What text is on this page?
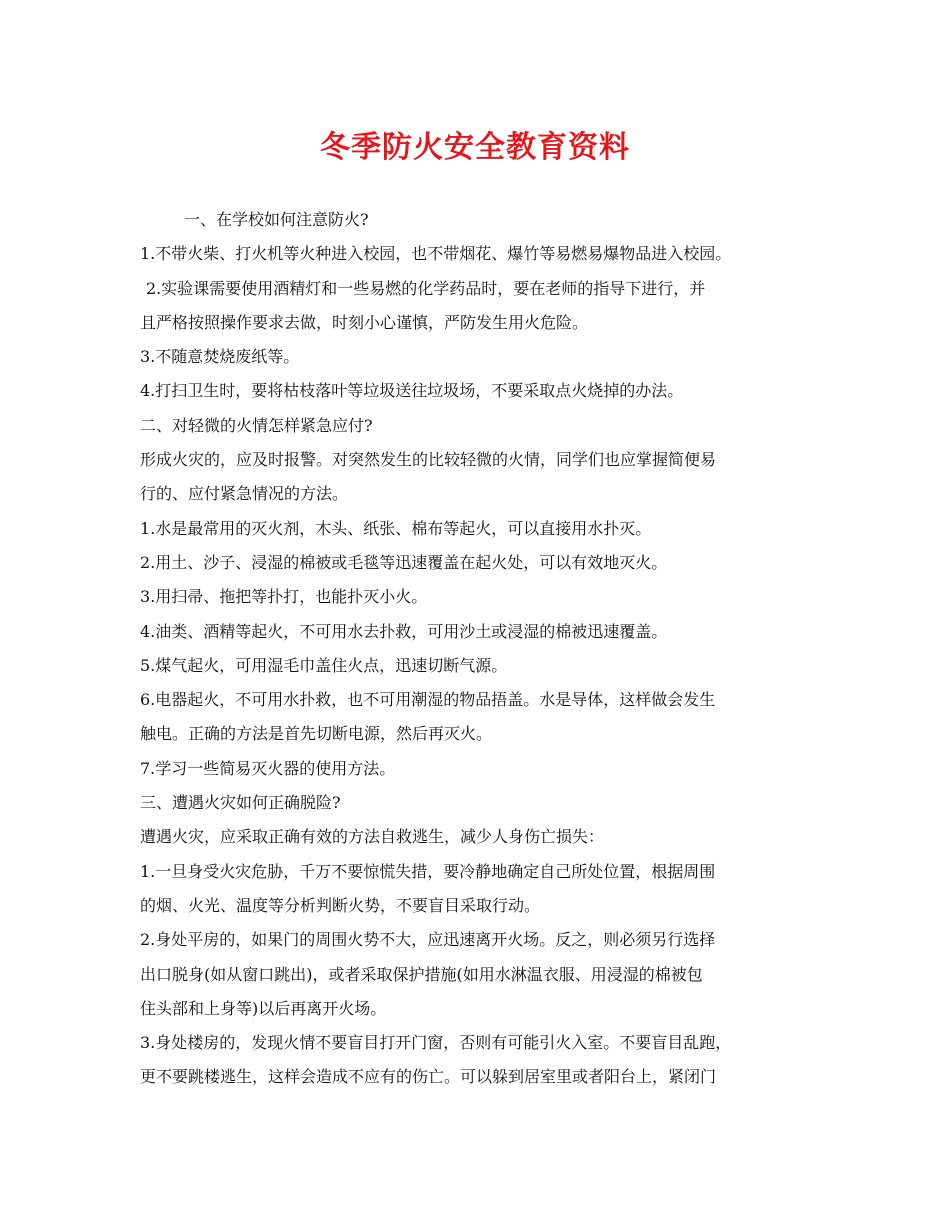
冬季防火安全教育资料
一、在学校如何注意防火?
1.不带火柴、打火机等火种进入校园，也不带烟花、爆竹等易燃易爆物品进入校园。
2.实验课需要使用酒精灯和一些易燃的化学药品时，要在老师的指导下进行，并
且严格按照操作要求去做，时刻小心谨慎，严防发生用火危险。
3.不随意焚烧废纸等。
4.打扫卫生时，要将枯枝落叶等垃圾送往垃圾场，不要采取点火烧掉的办法。
二、对轻微的火情怎样紧急应付?
形成火灾的，应及时报警。对突然发生的比较轻微的火情，同学们也应掌握简便易
行的、应付紧急情况的方法。
1.水是最常用的灭火剂，木头、纸张、棉布等起火，可以直接用水扑灭。
2.用土、沙子、浸湿的棉被或毛毯等迅速覆盖在起火处，可以有效地灭火。
3.用扫帚、拖把等扑打，也能扑灭小火。
4.油类、酒精等起火，不可用水去扑救，可用沙土或浸湿的棉被迅速覆盖。
5.煤气起火，可用湿毛巾盖住火点，迅速切断气源。
6.电器起火，不可用水扑救，也不可用潮湿的物品捂盖。水是导体，这样做会发生
触电。正确的方法是首先切断电源，然后再灭火。
7.学习一些简易灭火器的使用方法。
三、遭遇火灾如何正确脱险?
遭遇火灾，应采取正确有效的方法自救逃生，减少人身伤亡损失：
1.一旦身受火灾危胁，千万不要惊慌失措，要冷静地确定自己所处位置，根据周围
的烟、火光、温度等分析判断火势，不要盲目采取行动。
2.身处平房的，如果门的周围火势不大，应迅速离开火场。反之，则必须另行选择
出口脱身(如从窗口跳出)，或者采取保护措施(如用水淋温衣服、用浸湿的棉被包
住头部和上身等)以后再离开火场。
3.身处楼房的，发现火情不要盲目打开门窗，否则有可能引火入室。不要盲目乱跑，
更不要跳楼逃生，这样会造成不应有的伤亡。可以躲到居室里或者阳台上，紧闭门
